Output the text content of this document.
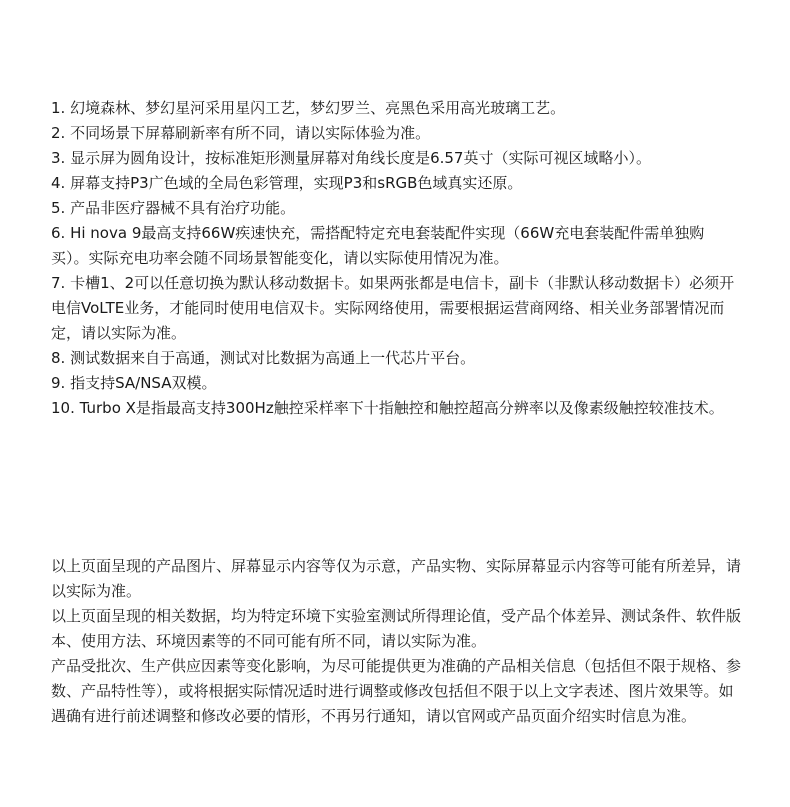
1. 幻境森林、梦幻星河采用星闪工艺，梦幻罗兰、亮黑色采用高光玻璃工艺。

2. 不同场景下屏幕刷新率有所不同，请以实际体验为准。

3. 显示屏为圆角设计，按标准矩形测量屏幕对角线长度是6.57英寸（实际可视区域略小）。

4. 屏幕支持P3广色域的全局色彩管理，实现P3和sRGB色域真实还原。

5. 产品非医疗器械不具有治疗功能。

6. Hi nova 9最高支持66W疾速快充，需搭配特定充电套装配件实现（66W充电套装配件需单独购买）。实际充电功率会随不同场景智能变化，请以实际使用情况为准。

7. 卡槽1、2可以任意切换为默认移动数据卡。如果两张都是电信卡，副卡（非默认移动数据卡）必须开电信VoLTE业务，才能同时使用电信双卡。实际网络使用，需要根据运营商网络、相关业务部署情况而定，请以实际为准。

8. 测试数据来自于高通，测试对比数据为高通上一代芯片平台。

9. 指支持SA/NSA双模。

10. Turbo X是指最高支持300Hz触控采样率下十指触控和触控超高分辨率以及像素级触控较准技术。

以上页面呈现的产品图片、屏幕显示内容等仅为示意，产品实物、实际屏幕显示内容等可能有所差异，请以实际为准。

以上页面呈现的相关数据，均为特定环境下实验室测试所得理论值，受产品个体差异、测试条件、软件版本、使用方法、环境因素等的不同可能有所不同，请以实际为准。

产品受批次、生产供应因素等变化影响，为尽可能提供更为准确的产品相关信息（包括但不限于规格、参数、产品特性等），或将根据实际情况适时进行调整或修改包括但不限于以上文字表述、图片效果等。如遇确有进行前述调整和修改必要的情形，不再另行通知，请以官网或产品页面介绍实时信息为准。
